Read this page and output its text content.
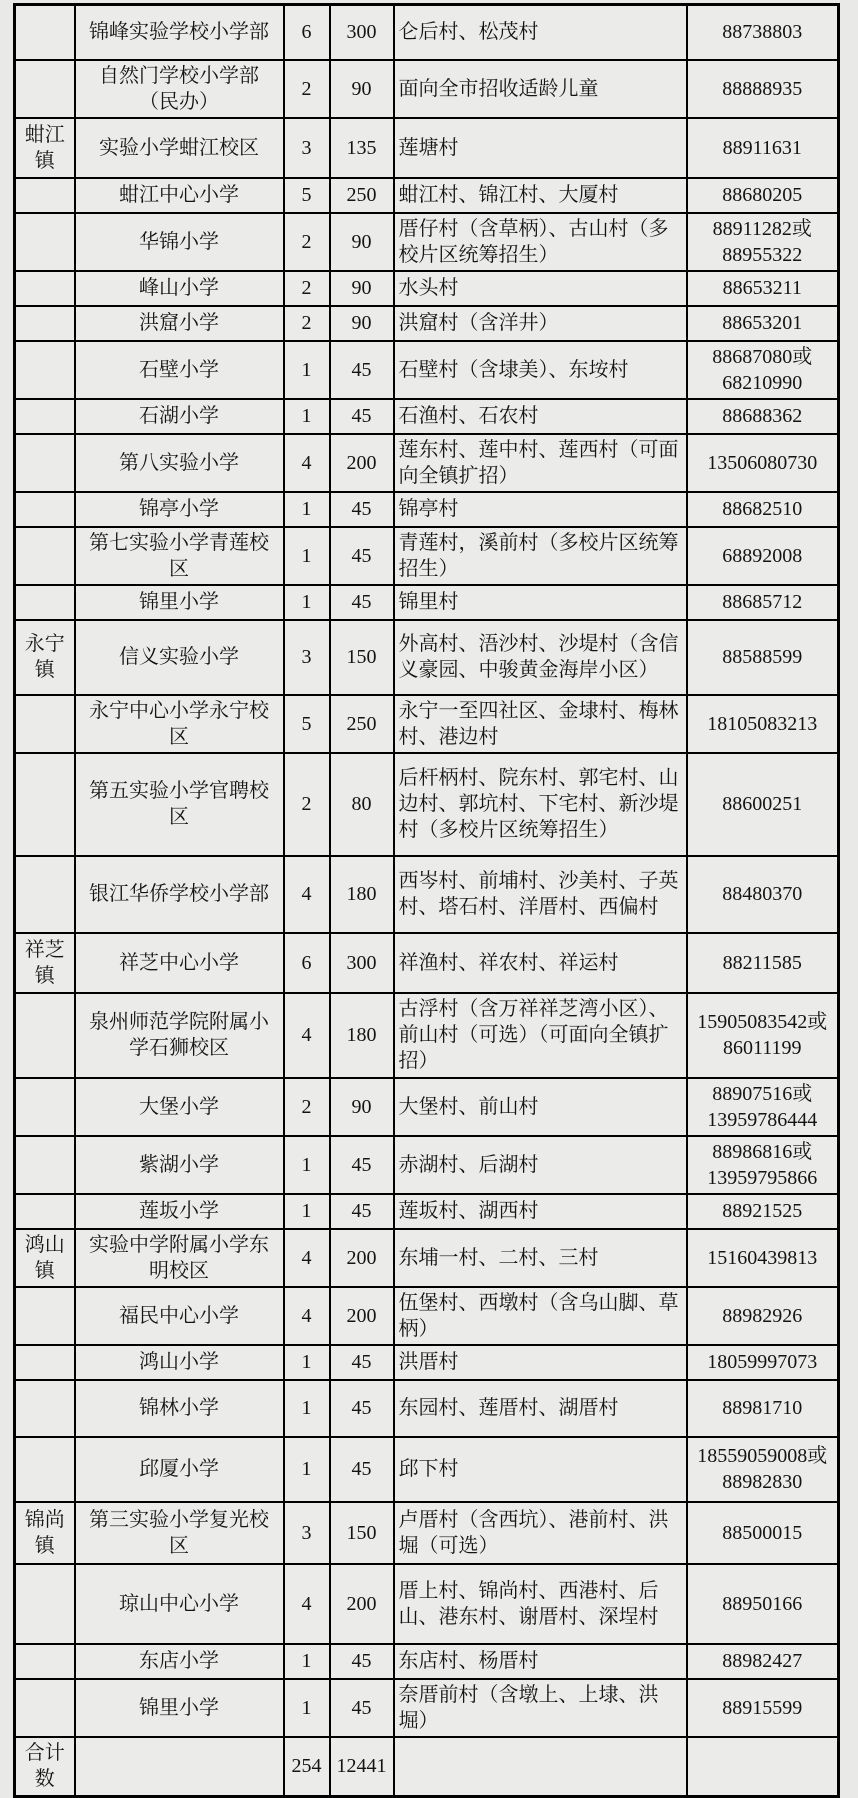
	锦峰实验学校小学部	6	300	仑后村、松茂村	88738803
	自然门学校小学部（民办）	2	90	面向全市招收适龄儿童	88888935
蚶江镇	实验小学蚶江校区	3	135	莲塘村	88911631
	蚶江中心小学	5	250	蚶江村、锦江村、大厦村	88680205
	华锦小学	2	90	厝仔村（含草柄）、古山村（多校片区统筹招生）	88911282或88955322
	峰山小学	2	90	水头村	88653211
	洪窟小学	2	90	洪窟村（含洋井）	88653201
	石壁小学	1	45	石壁村（含埭美）、东垵村	88687080或68210990
	石湖小学	1	45	石渔村、石农村	88688362
	第八实验小学	4	200	莲东村、莲中村、莲西村（可面向全镇扩招）	13506080730
	锦亭小学	1	45	锦亭村	88682510
	第七实验小学青莲校区	1	45	青莲村，溪前村（多校片区统筹招生）	68892008
	锦里小学	1	45	锦里村	88685712
永宁镇	信义实验小学	3	150	外高村、浯沙村、沙堤村（含信义豪园、中骏黄金海岸小区）	88588599
	永宁中心小学永宁校区	5	250	永宁一至四社区、金埭村、梅林村、港边村	18105083213
	第五实验小学官聘校区	2	80	后杆柄村、院东村、郭宅村、山边村、郭坑村、下宅村、新沙堤村（多校片区统筹招生）	88600251
	银江华侨学校小学部	4	180	西岑村、前埔村、沙美村、子英村、塔石村、洋厝村、西偏村	88480370
祥芝镇	祥芝中心小学	6	300	祥渔村、祥农村、祥运村	88211585
	泉州师范学院附属小学石狮校区	4	180	古浮村（含万祥祥芝湾小区）、前山村（可选）（可面向全镇扩招）	15905083542或86011199
	大堡小学	2	90	大堡村、前山村	88907516或13959786444
	紫湖小学	1	45	赤湖村、后湖村	88986816或13959795866
	莲坂小学	1	45	莲坂村、湖西村	88921525
鸿山镇	实验中学附属小学东明校区	4	200	东埔一村、二村、三村	15160439813
	福民中心小学	4	200	伍堡村、西墩村（含乌山脚、草柄）	88982926
	鸿山小学	1	45	洪厝村	18059997073
	锦林小学	1	45	东园村、莲厝村、湖厝村	88981710
	邱厦小学	1	45	邱下村	18559059008或88982830
锦尚镇	第三实验小学复光校区	3	150	卢厝村（含西坑）、港前村、洪堀（可选）	88500015
	琼山中心小学	4	200	厝上村、锦尚村、西港村、后山、港东村、谢厝村、深埕村	88950166
	东店小学	1	45	东店村、杨厝村	88982427
	锦里小学	1	45	奈厝前村（含墩上、上埭、洪堀）	88915599
合计数		254	12441		
